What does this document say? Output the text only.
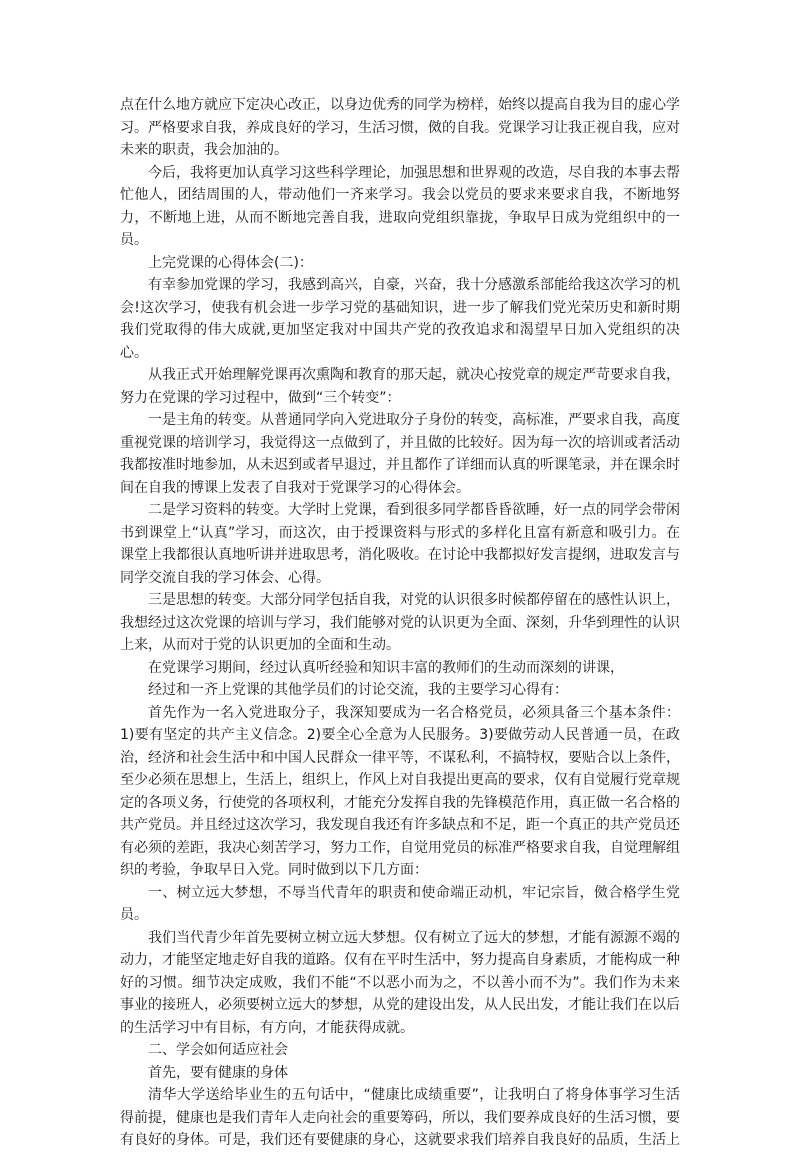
点在什么地方就应下定决心改正，以身边优秀的同学为榜样，始终以提高自我为目的虚心学习。严格要求自我，养成良好的学习，生活习惯，傚的自我。党课学习让我正视自我，应对未来的职责，我会加油的。

今后，我将更加认真学习这些科学理论，加强思想和世界观的改造，尽自我的本事去帮忙他人，团结周围的人，带动他们一齐来学习。我会以党员的要求来要求自我，不断地努力，不断地上进，从而不断地完善自我，进取向党组织靠拢，争取早日成为党组织中的一员。

上完党课的心得体会(二)：

有幸参加党课的学习，我感到高兴，自豪，兴奋，我十分感激系部能给我这次学习的机会!这次学习，使我有机会进一步学习党的基础知识，进一步了解我们党光荣历史和新时期我们党取得的伟大成就,更加坚定我对中国共产党的孜孜追求和渴望早日加入党组织的决心。

从我正式开始理解党课再次熏陶和教育的那天起，就决心按党章的规定严苛要求自我，努力在党课的学习过程中，做到“三个转变”：

一是主角的转变。从普通同学向入党进取分子身份的转变，高标准，严要求自我，高度重视党课的培训学习，我觉得这一点做到了，并且做的比较好。因为每一次的培训或者活动我都按准时地参加，从未迟到或者早退过，并且都作了详细而认真的听课笔录，并在课余时间在自我的博课上发表了自我对于党课学习的心得体会。

二是学习资料的转变。大学时上党课，看到很多同学都昏昏欲睡，好一点的同学会带闲书到课堂上“认真”学习，而这次，由于授课资料与形式的多样化且富有新意和吸引力。在课堂上我都很认真地听讲并进取思考，消化吸收。在讨论中我都拟好发言提纲，进取发言与同学交流自我的学习体会、心得。

三是思想的转变。大部分同学包括自我，对党的认识很多时候都停留在的感性认识上，我想经过这次党课的培训与学习，我们能够对党的认识更为全面、深刻，升华到理性的认识上来，从而对于党的认识更加的全面和生动。

在党课学习期间，经过认真听经验和知识丰富的教师们的生动而深刻的讲课，

经过和一齐上党课的其他学员们的讨论交流，我的主要学习心得有：

首先作为一名入党进取分子，我深知要成为一名合格党员，必须具备三个基本条件：1)要有坚定的共产主义信念。2)要全心全意为人民服务。3)要做劳动人民普通一员，在政治，经济和社会生活中和中国人民群众一律平等，不谋私利，不搞特权，要贴合以上条件，至少必须在思想上，生活上，组织上，作风上对自我提出更高的要求，仅有自觉履行党章规定的各项义务，行使党的各项权利，才能充分发挥自我的先锋模范作用，真正做一名合格的共产党员。并且经过这次学习，我发现自我还有许多缺点和不足，距一个真正的共产党员还有必须的差距，我决心刻苦学习，努力工作，自觉用党员的标准严格要求自我，自觉理解组织的考验，争取早日入党。同时做到以下几方面：

一、树立远大梦想，不辱当代青年的职责和使命端正动机，牢记宗旨，傚合格学生党员。

我们当代青少年首先要树立树立远大梦想。仅有树立了远大的梦想，才能有源源不竭的动力，才能坚定地走好自我的道路。仅有在平时生活中，努力提高自身素质，才能构成一种好的习惯。细节决定成败，我们不能“不以恶小而为之，不以善小而不为”。我们作为未来事业的接班人，必须要树立远大的梦想，从党的建设出发，从人民出发，才能让我们在以后的生活学习中有目标，有方向，才能获得成就。

二、学会如何适应社会

首先，要有健康的身体

清华大学送给毕业生的五句话中，“健康比成绩重要”，让我明白了将身体事学习生活得前提，健康也是我们青年人走向社会的重要筹码，所以，我们要养成良好的生活习惯，要有良好的身体。可是，我们还有要健康的身心，这就要求我们培养自我良好的品质，生活上
